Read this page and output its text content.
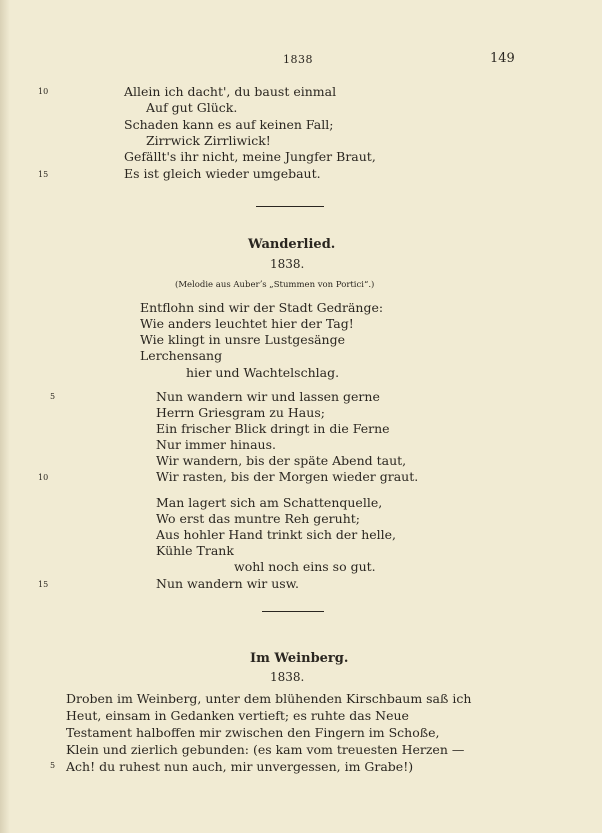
1838	149
10	Allein ich dacht', du baust einmal
Auf gut Glück.
Schaden kann es auf keinen Fall;
Zirrwick Zirrliwick!
Gefällt's ihr nicht, meine Jungfer Braut,
15	Es ist gleich wieder umgebaut.
Wanderlied.
1838.
(Melodie aus Auberʼs „Stummen von Portici“.)
Entflohn sind wir der Stadt Gedränge:
Wie anders leuchtet hier der Tag!
Wie klingt in unsre Lustgesänge
Lerchensang
hier und Wachtelschlag.
5	Nun wandern wir und lassen gerne
Herrn Griesgram zu Haus;
Ein frischer Blick dringt in die Ferne
Nur immer hinaus.
Wir wandern, bis der späte Abend taut,
10	Wir rasten, bis der Morgen wieder graut.
Man lagert sich am Schattenquelle,
Wo erst das muntre Reh geruht;
Aus hohler Hand trinkt sich der helle,
Kühle Trank
wohl noch eins so gut.
15	Nun wandern wir usw.
Im Weinberg.
1838.
Droben im Weinberg, unter dem blühenden Kirschbaum saß ich
Heut, einsam in Gedanken vertieft; es ruhte das Neue
Testament halboffen mir zwischen den Fingern im Schoße,
Klein und zierlich gebunden: (es kam vom treuesten Herzen —
5 Ach! du ruhest nun auch, mir unvergessen, im Grabe!)
